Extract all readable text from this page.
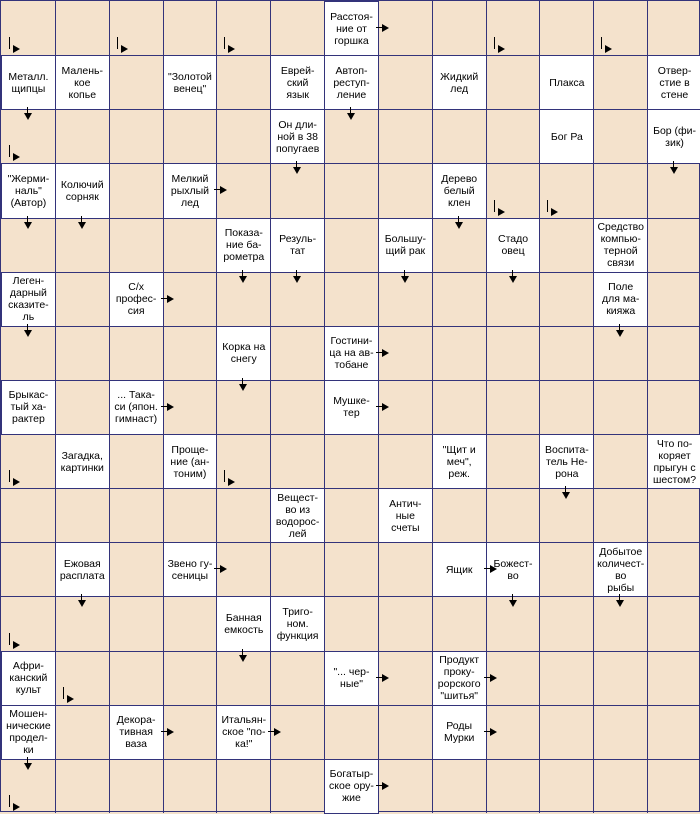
Расстоя-
ние от
горшка
Металл.
щипцы
Малень-
кое
копье
"Золотой
венец"
Еврей-
ский
язык
Автоп-
реступ-
ление
Жидкий
лед	Плакса
Отвер-
стие в
стене
Он дли-
ной в 38
попугаев
Бог Ра	Бор (фи-
зик)
"Жерми-
наль"
(Автор)
Колючий
сорняк
Мелкий
рыхлый
лед
Дерево
белый
клен
Показа-
ние ба-
рометра
Резуль-
тат
Большу-
щий рак
Стадо
овец
Средство
компью-
терной
связи
Леген-
дарный
сказите-
ль
С/х
профес-
сия
Поле
для ма-
кияжа
Корка на
снегу
Гостини-
ца на ав-
тобане
Брыкас-
тый ха-
рактер
... Така-
си (япон.
гимнаст)
Мушке-
тер
Загадка,
картинки
Проще-
ние (ан-
тоним)
"Щит и
меч",
реж.
Воспита-
тель Не-
рона
Что по-
коряет
прыгун с
шестом?
Вещест-
во из
водорос-
лей
Антич-
ные
счеты
Ежовая
расплата
Звено гу-
сеницы	Ящик	Божест-
во
Добытое
количест-
во
рыбы
Банная
емкость
Триго-
ном.
функция
Афри-
канский
культ
"... чер-
ные"
Продукт
проку-
рорского
"шитья"
Мошен-
нические
продел-
ки
Декора-
тивная
ваза
Итальян-
ское "по-
ка!"
Роды
Мурки
Богатыр-
ское ору-
жие
